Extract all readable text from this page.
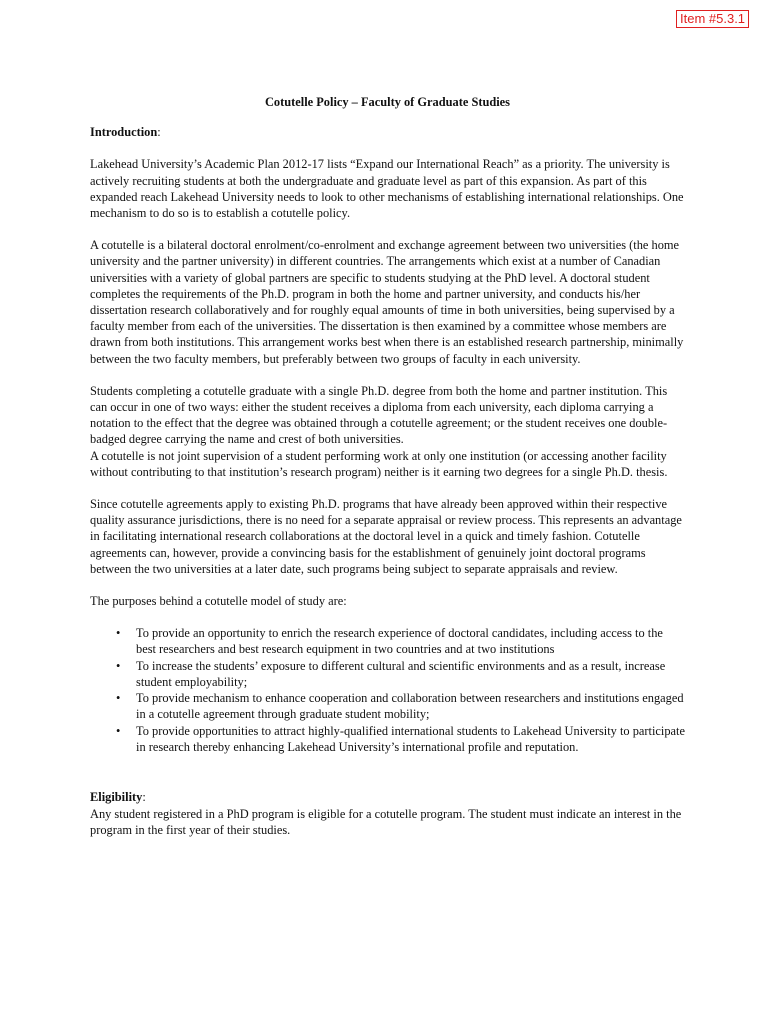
Item #5.3.1
Cotutelle Policy – Faculty of Graduate Studies
Introduction:

Lakehead University’s Academic Plan 2012-17 lists “Expand our International Reach” as a priority. The university is actively recruiting students at both the undergraduate and graduate level as part of this expansion. As part of this expanded reach Lakehead University needs to look to other mechanisms of establishing international relationships. One mechanism to do so is to establish a cotutelle policy.

A cotutelle is a bilateral doctoral enrolment/co-enrolment and exchange agreement between two universities (the home university and the partner university) in different countries. The arrangements which exist at a number of Canadian universities with a variety of global partners are specific to students studying at the PhD level. A doctoral student completes the requirements of the Ph.D. program in both the home and partner university, and conducts his/her dissertation research collaboratively and for roughly equal amounts of time in both universities, being supervised by a faculty member from each of the universities. The dissertation is then examined by a committee whose members are drawn from both institutions. This arrangement works best when there is an established research partnership, minimally between the two faculty members, but preferably between two groups of faculty in each university.

Students completing a cotutelle graduate with a single Ph.D. degree from both the home and partner institution. This can occur in one of two ways: either the student receives a diploma from each university, each diploma carrying a notation to the effect that the degree was obtained through a cotutelle agreement; or the student receives one double-badged degree carrying the name and crest of both universities.

A cotutelle is not joint supervision of a student performing work at only one institution (or accessing another facility without contributing to that institution’s research program) neither is it earning two degrees for a single Ph.D. thesis.

Since cotutelle agreements apply to existing Ph.D. programs that have already been approved within their respective quality assurance jurisdictions, there is no need for a separate appraisal or review process. This represents an advantage in facilitating international research collaborations at the doctoral level in a quick and timely fashion. Cotutelle agreements can, however, provide a convincing basis for the establishment of genuinely joint doctoral programs between the two universities at a later date, such programs being subject to separate appraisals and review.

The purposes behind a cotutelle model of study are:

• To provide an opportunity to enrich the research experience of doctoral candidates, including access to the best researchers and best research equipment in two countries and at two institutions
• To increase the students’ exposure to different cultural and scientific environments and as a result, increase student employability;
• To provide mechanism to enhance cooperation and collaboration between researchers and institutions engaged in a cotutelle agreement through graduate student mobility;
• To provide opportunities to attract highly-qualified international students to Lakehead University to participate in research thereby enhancing Lakehead University’s international profile and reputation.
Eligibility:
Any student registered in a PhD program is eligible for a cotutelle program. The student must indicate an interest in the program in the first year of their studies.
